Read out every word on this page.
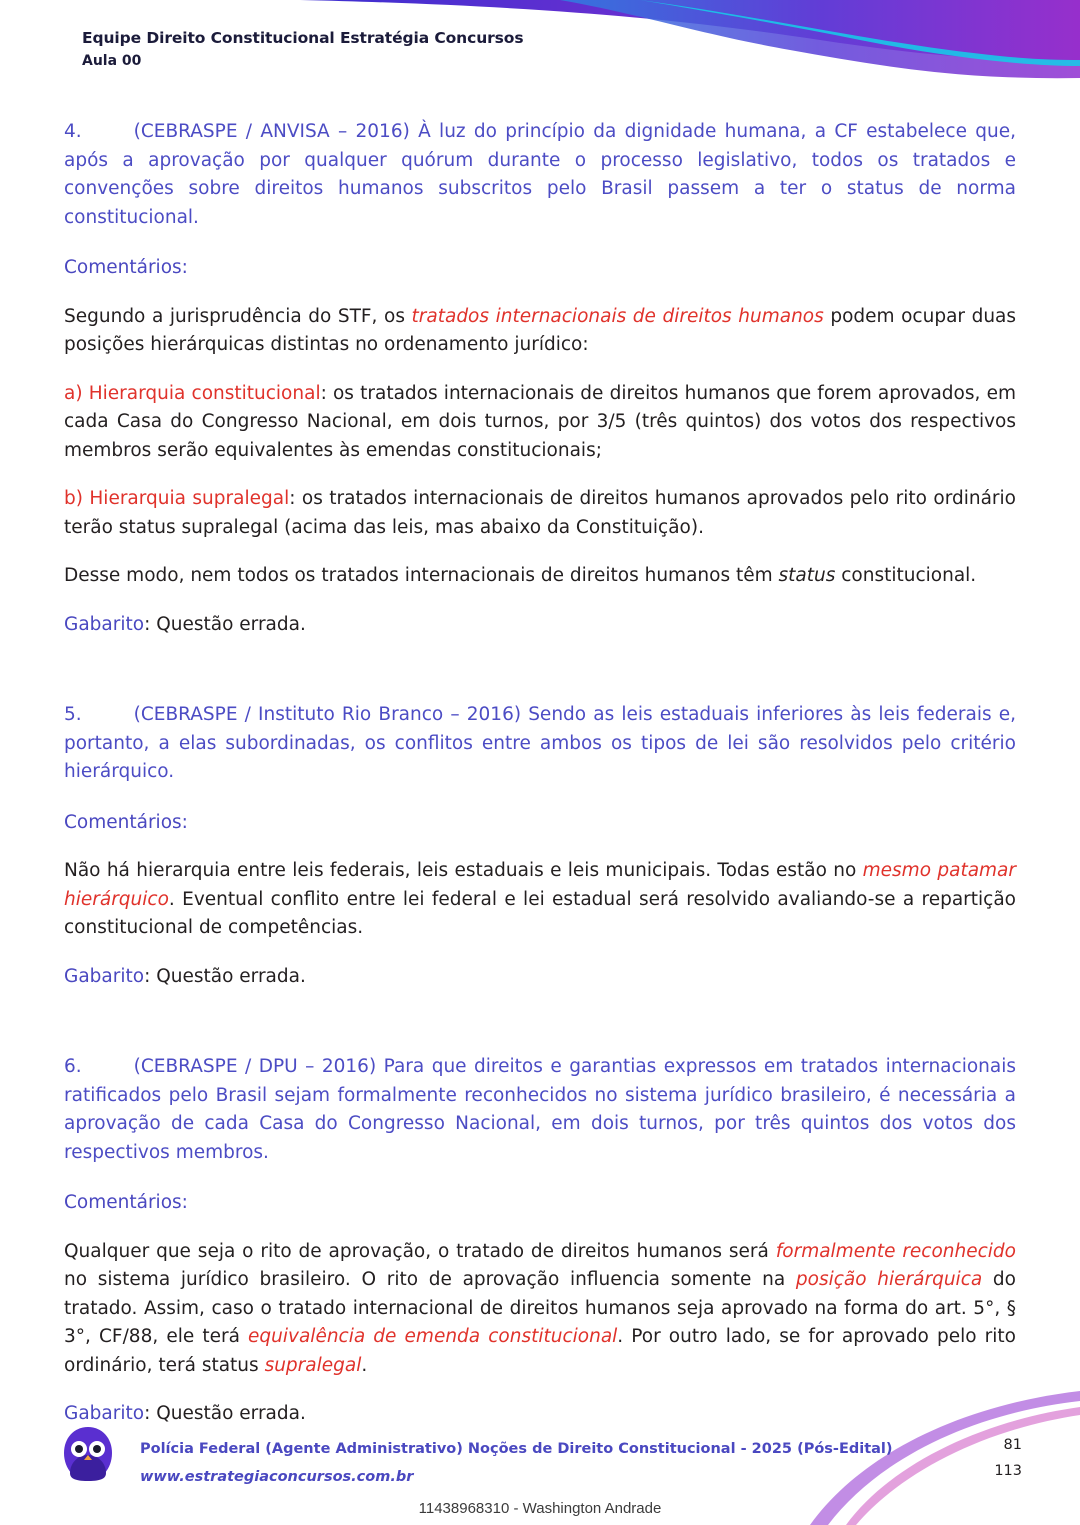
Equipe Direito Constitucional Estratégia Concursos
Aula 00

4.	(CEBRASPE / ANVISA – 2016) À luz do princípio da dignidade humana, a CF estabelece que, após a aprovação por qualquer quórum durante o processo legislativo, todos os tratados e convenções sobre direitos humanos subscritos pelo Brasil passem a ter o status de norma constitucional.

Comentários:

Segundo a jurisprudência do STF, os tratados internacionais de direitos humanos podem ocupar duas posições hierárquicas distintas no ordenamento jurídico:

a) Hierarquia constitucional: os tratados internacionais de direitos humanos que forem aprovados, em cada Casa do Congresso Nacional, em dois turnos, por 3/5 (três quintos) dos votos dos respectivos membros serão equivalentes às emendas constitucionais;

b) Hierarquia supralegal: os tratados internacionais de direitos humanos aprovados pelo rito ordinário terão status supralegal (acima das leis, mas abaixo da Constituição).

Desse modo, nem todos os tratados internacionais de direitos humanos têm status constitucional.

Gabarito: Questão errada.

5.	(CEBRASPE / Instituto Rio Branco – 2016) Sendo as leis estaduais inferiores às leis federais e, portanto, a elas subordinadas, os conflitos entre ambos os tipos de lei são resolvidos pelo critério hierárquico.

Comentários:

Não há hierarquia entre leis federais, leis estaduais e leis municipais. Todas estão no mesmo patamar hierárquico. Eventual conflito entre lei federal e lei estadual será resolvido avaliando-se a repartição constitucional de competências.

Gabarito: Questão errada.

6.	(CEBRASPE / DPU – 2016) Para que direitos e garantias expressos em tratados internacionais ratificados pelo Brasil sejam formalmente reconhecidos no sistema jurídico brasileiro, é necessária a aprovação de cada Casa do Congresso Nacional, em dois turnos, por três quintos dos votos dos respectivos membros.

Comentários:

Qualquer que seja o rito de aprovação, o tratado de direitos humanos será formalmente reconhecido no sistema jurídico brasileiro. O rito de aprovação influencia somente na posição hierárquica do tratado. Assim, caso o tratado internacional de direitos humanos seja aprovado na forma do art. 5°, § 3°, CF/88, ele terá equivalência de emenda constitucional. Por outro lado, se for aprovado pelo rito ordinário, terá status supralegal.

Gabarito: Questão errada.

Polícia Federal (Agente Administrativo) Noções de Direito Constitucional - 2025 (Pós-Edital)
www.estrategiaconcursos.com.br
81
113
11438968310 - Washington Andrade
